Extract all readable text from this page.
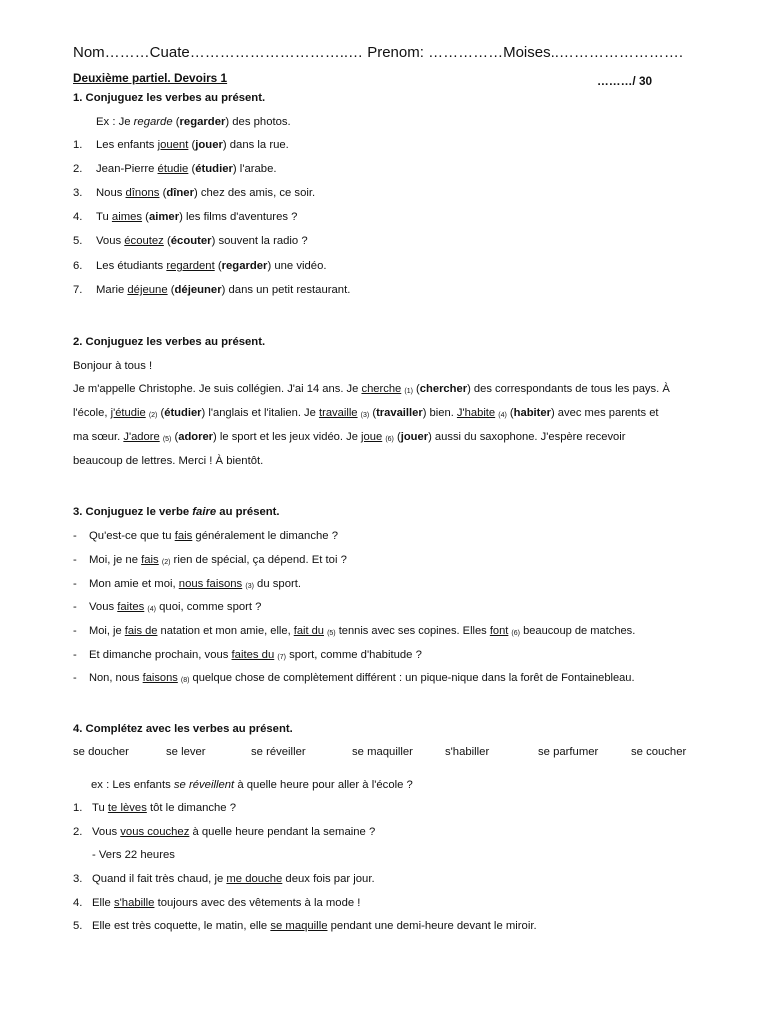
Nom………Cuate…………………………..… Prenom: ……………Moises..…………………….
Deuxième partiel. Devoirs 1	………/ 30
1. Conjuguez les verbes au présent.
Ex : Je regarde (regarder) des photos.
1. Les enfants jouent (jouer) dans la rue.
2. Jean-Pierre étudie (étudier) l'arabe.
3. Nous dînons (dîner) chez des amis, ce soir.
4. Tu aimes (aimer) les films d'aventures ?
5. Vous écoutez (écouter) souvent la radio ?
6. Les étudiants regardent (regarder) une vidéo.
7. Marie déjeune (déjeuner) dans un petit restaurant.
2. Conjuguez les verbes au présent.
Bonjour à tous !
Je m'appelle Christophe. Je suis collégien. J'ai 14 ans. Je cherche $_{(1)}$ (chercher) des correspondants de tous les pays. À
l'école, j'étudie $_{(2)}$ (étudier) l'anglais et l'italien. Je travaille $_{(3)}$ (travailler) bien. J'habite $_{(4)}$ (habiter) avec mes parents et
ma sœur. J'adore $_{(5)}$ (adorer) le sport et les jeux vidéo. Je joue $_{(6)}$ (jouer) aussi du saxophone. J'espère recevoir
beaucoup de lettres. Merci ! À bientôt.
3. Conjuguez le verbe faire au présent.
- Qu'est-ce que tu fais généralement le dimanche ?
- Moi, je ne fais $_{(2)}$ rien de spécial, ça dépend. Et toi ?
- Mon amie et moi, nous faisons $_{(3)}$ du sport.
- Vous faites $_{(4)}$ quoi, comme sport ?
- Moi, je fais de natation et mon amie, elle, fait du $_{(5)}$ tennis avec ses copines. Elles font $_{(6)}$ beaucoup de matches.
- Et dimanche prochain, vous faites du $_{(7)}$ sport, comme d'habitude ?
- Non, nous faisons $_{(8)}$ quelque chose de complètement différent : un pique-nique dans la forêt de Fontainebleau.
4. Complétez avec les verbes au présent.
se doucher	se lever	se réveiller	se maquiller	s'habiller	se parfumer	se coucher
ex : Les enfants se réveillent à quelle heure pour aller à l'école ?
1. Tu te lèves tôt le dimanche ?
2. Vous vous couchez à quelle heure pendant la semaine ?
- Vers 22 heures
3. Quand il fait très chaud, je me douche deux fois par jour.
4. Elle s'habille toujours avec des vêtements à la mode !
5. Elle est très coquette, le matin, elle se maquille pendant une demi-heure devant le miroir.
